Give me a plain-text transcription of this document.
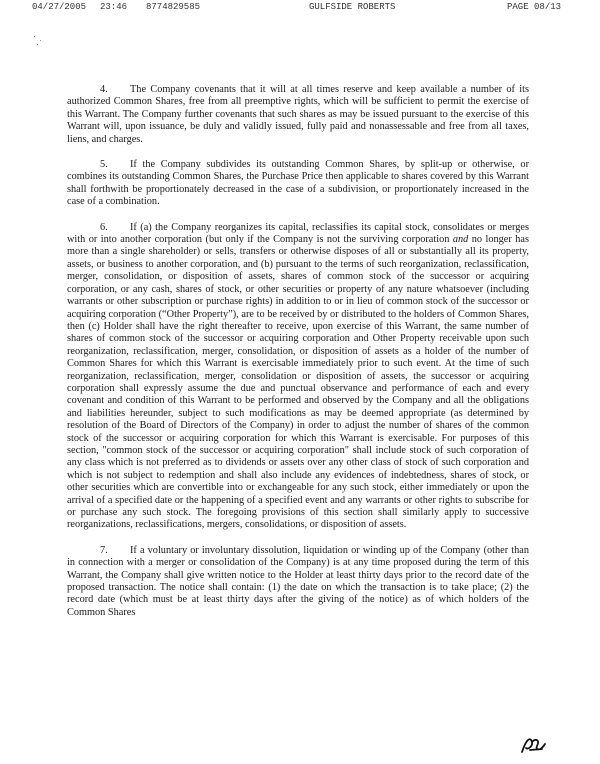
04/27/2005 23:46 8774829585	GULFSIDE ROBERTS	PAGE 08/13

4. The Company covenants that it will at all times reserve and keep available a number of its authorized Common Shares, free from all preemptive rights, which will be sufficient to permit the exercise of this Warrant. The Company further covenants that such shares as may be issued pursuant to the exercise of this Warrant will, upon issuance, be duly and validly issued, fully paid and nonassessable and free from all taxes, liens, and charges.

5. If the Company subdivides its outstanding Common Shares, by split-up or otherwise, or combines its outstanding Common Shares, the Purchase Price then applicable to shares covered by this Warrant shall forthwith be proportionately decreased in the case of a subdivision, or proportionately increased in the case of a combination.

6. If (a) the Company reorganizes its capital, reclassifies its capital stock, consolidates or merges with or into another corporation (but only if the Company is not the surviving corporation and no longer has more than a single shareholder) or sells, transfers or otherwise disposes of all or substantially all its property, assets, or business to another corporation, and (b) pursuant to the terms of such reorganization, reclassification, merger, consolidation, or disposition of assets, shares of common stock of the successor or acquiring corporation, or any cash, shares of stock, or other securities or property of any nature whatsoever (including warrants or other subscription or purchase rights) in addition to or in lieu of common stock of the successor or acquiring corporation (“Other Property”), are to be received by or distributed to the holders of Common Shares, then (c) Holder shall have the right thereafter to receive, upon exercise of this Warrant, the same number of shares of common stock of the successor or acquiring corporation and Other Property receivable upon such reorganization, reclassification, merger, consolidation, or disposition of assets as a holder of the number of Common Shares for which this Warrant is exercisable immediately prior to such event. At the time of such reorganization, reclassification, merger, consolidation or disposition of assets, the successor or acquiring corporation shall expressly assume the due and punctual observance and performance of each and every covenant and condition of this Warrant to be performed and observed by the Company and all the obligations and liabilities hereunder, subject to such modifications as may be deemed appropriate (as determined by resolution of the Board of Directors of the Company) in order to adjust the number of shares of the common stock of the successor or acquiring corporation for which this Warrant is exercisable. For purposes of this section, "common stock of the successor or acquiring corporation" shall include stock of such corporation of any class which is not preferred as to dividends or assets over any other class of stock of such corporation and which is not subject to redemption and shall also include any evidences of indebtedness, shares of stock, or other securities which are convertible into or exchangeable for any such stock, either immediately or upon the arrival of a specified date or the happening of a specified event and any warrants or other rights to subscribe for or purchase any such stock. The foregoing provisions of this section shall similarly apply to successive reorganizations, reclassifications, mergers, consolidations, or disposition of assets.

7. If a voluntary or involuntary dissolution, liquidation or winding up of the Company (other than in connection with a merger or consolidation of the Company) is at any time proposed during the term of this Warrant, the Company shall give written notice to the Holder at least thirty days prior to the record date of the proposed transaction. The notice shall contain: (1) the date on which the transaction is to take place; (2) the record date (which must be at least thirty days after the giving of the notice) as of which holders of the Common Shares
